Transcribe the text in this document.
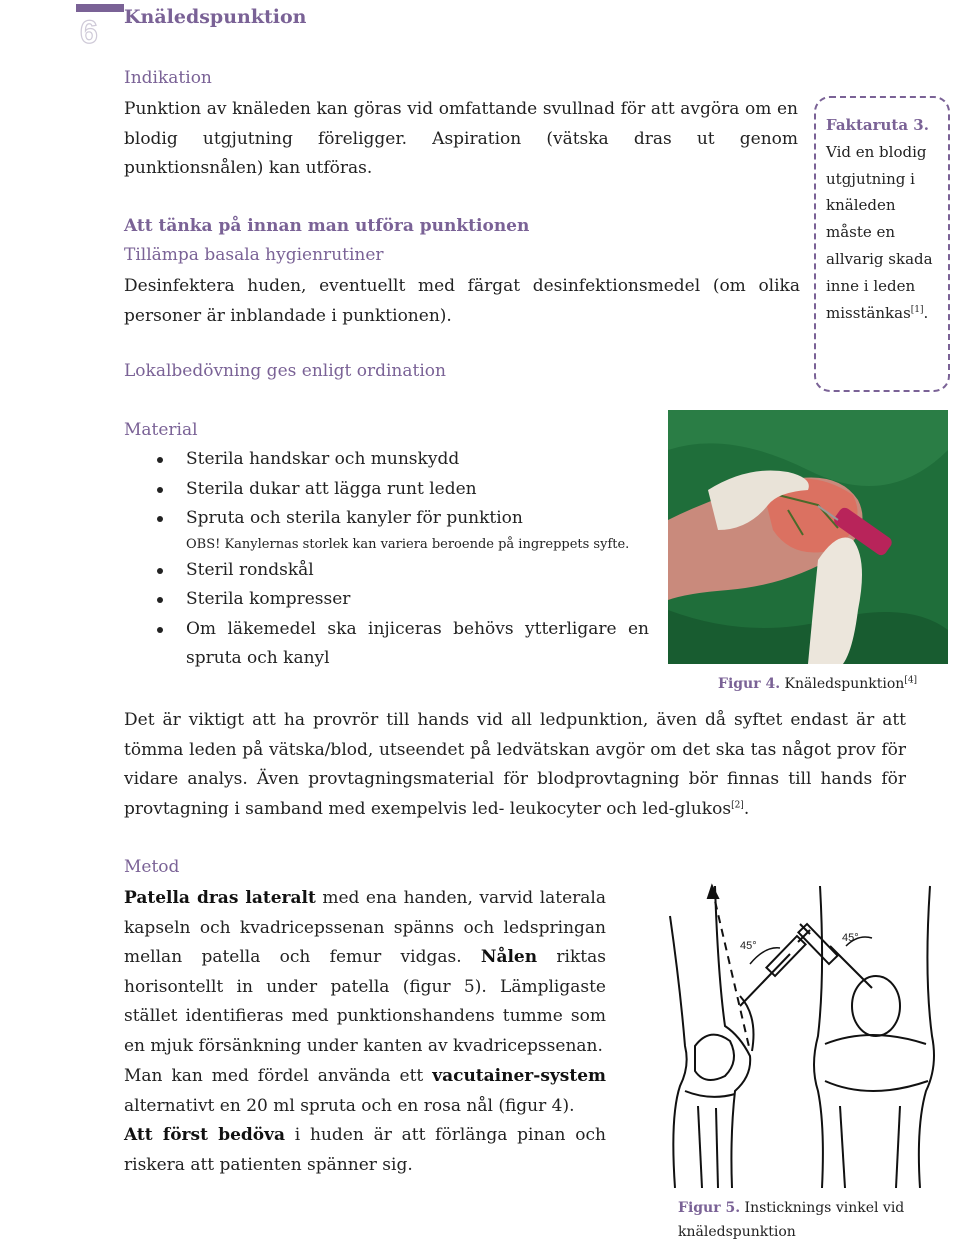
6 Knäledspunktion
Indikation
Punktion av knäleden kan göras vid omfattande svullnad för att avgöra om en blodig utgjutning föreligger. Aspiration (vätska dras ut genom punktionsnålen) kan utföras.
Att tänka på innan man utföra punktionen
Tillämpa basala hygienrutiner
Desinfektera huden, eventuellt med färgat desinfektionsmedel (om olika personer är inblandade i punktionen).
Lokalbedövning ges enligt ordination
Faktaruta 3.
Vid en blodig utgjutning i knäleden måste en allvarig skada inne i leden misstänkas[1].
Material
Sterila handskar och munskydd
Sterila dukar att lägga runt leden
Spruta och sterila kanyler för punktion
OBS! Kanylernas storlek kan variera beroende på ingreppets syfte.
Steril rondskål
Sterila kompresser
Om läkemedel ska injiceras behövs ytterligare en
spruta och kanyl
Figur 4. Knäledspunktion[4]
Det är viktigt att ha provrör till hands vid all ledpunktion, även då syftet endast är att tömma leden på vätska/blod, utseendet på ledvätskan avgör om det ska tas något prov för vidare analys. Även provtagningsmaterial för blodprovtagning bör finnas till hands för provtagning i samband med exempelvis led- leukocyter och led-glukos[2].
Metod
Patella dras lateralt med ena handen, varvid laterala kapseln och kvadricepssenan spänns och ledspringan mellan patella och femur vidgas. Nålen riktas horisontellt in under patella (figur 5). Lämpligaste stället identifieras med punktionshandens tumme som en mjuk försänkning under kanten av kvadricepssenan.
Man kan med fördel använda ett vacutainer-system alternativt en 20 ml spruta och en rosa nål (figur 4).
Att först bedöva i huden är att förlänga pinan och riskera att patienten spänner sig.
45°
45°
Figur 5. Insticknings vinkel vid knäledspunktion
